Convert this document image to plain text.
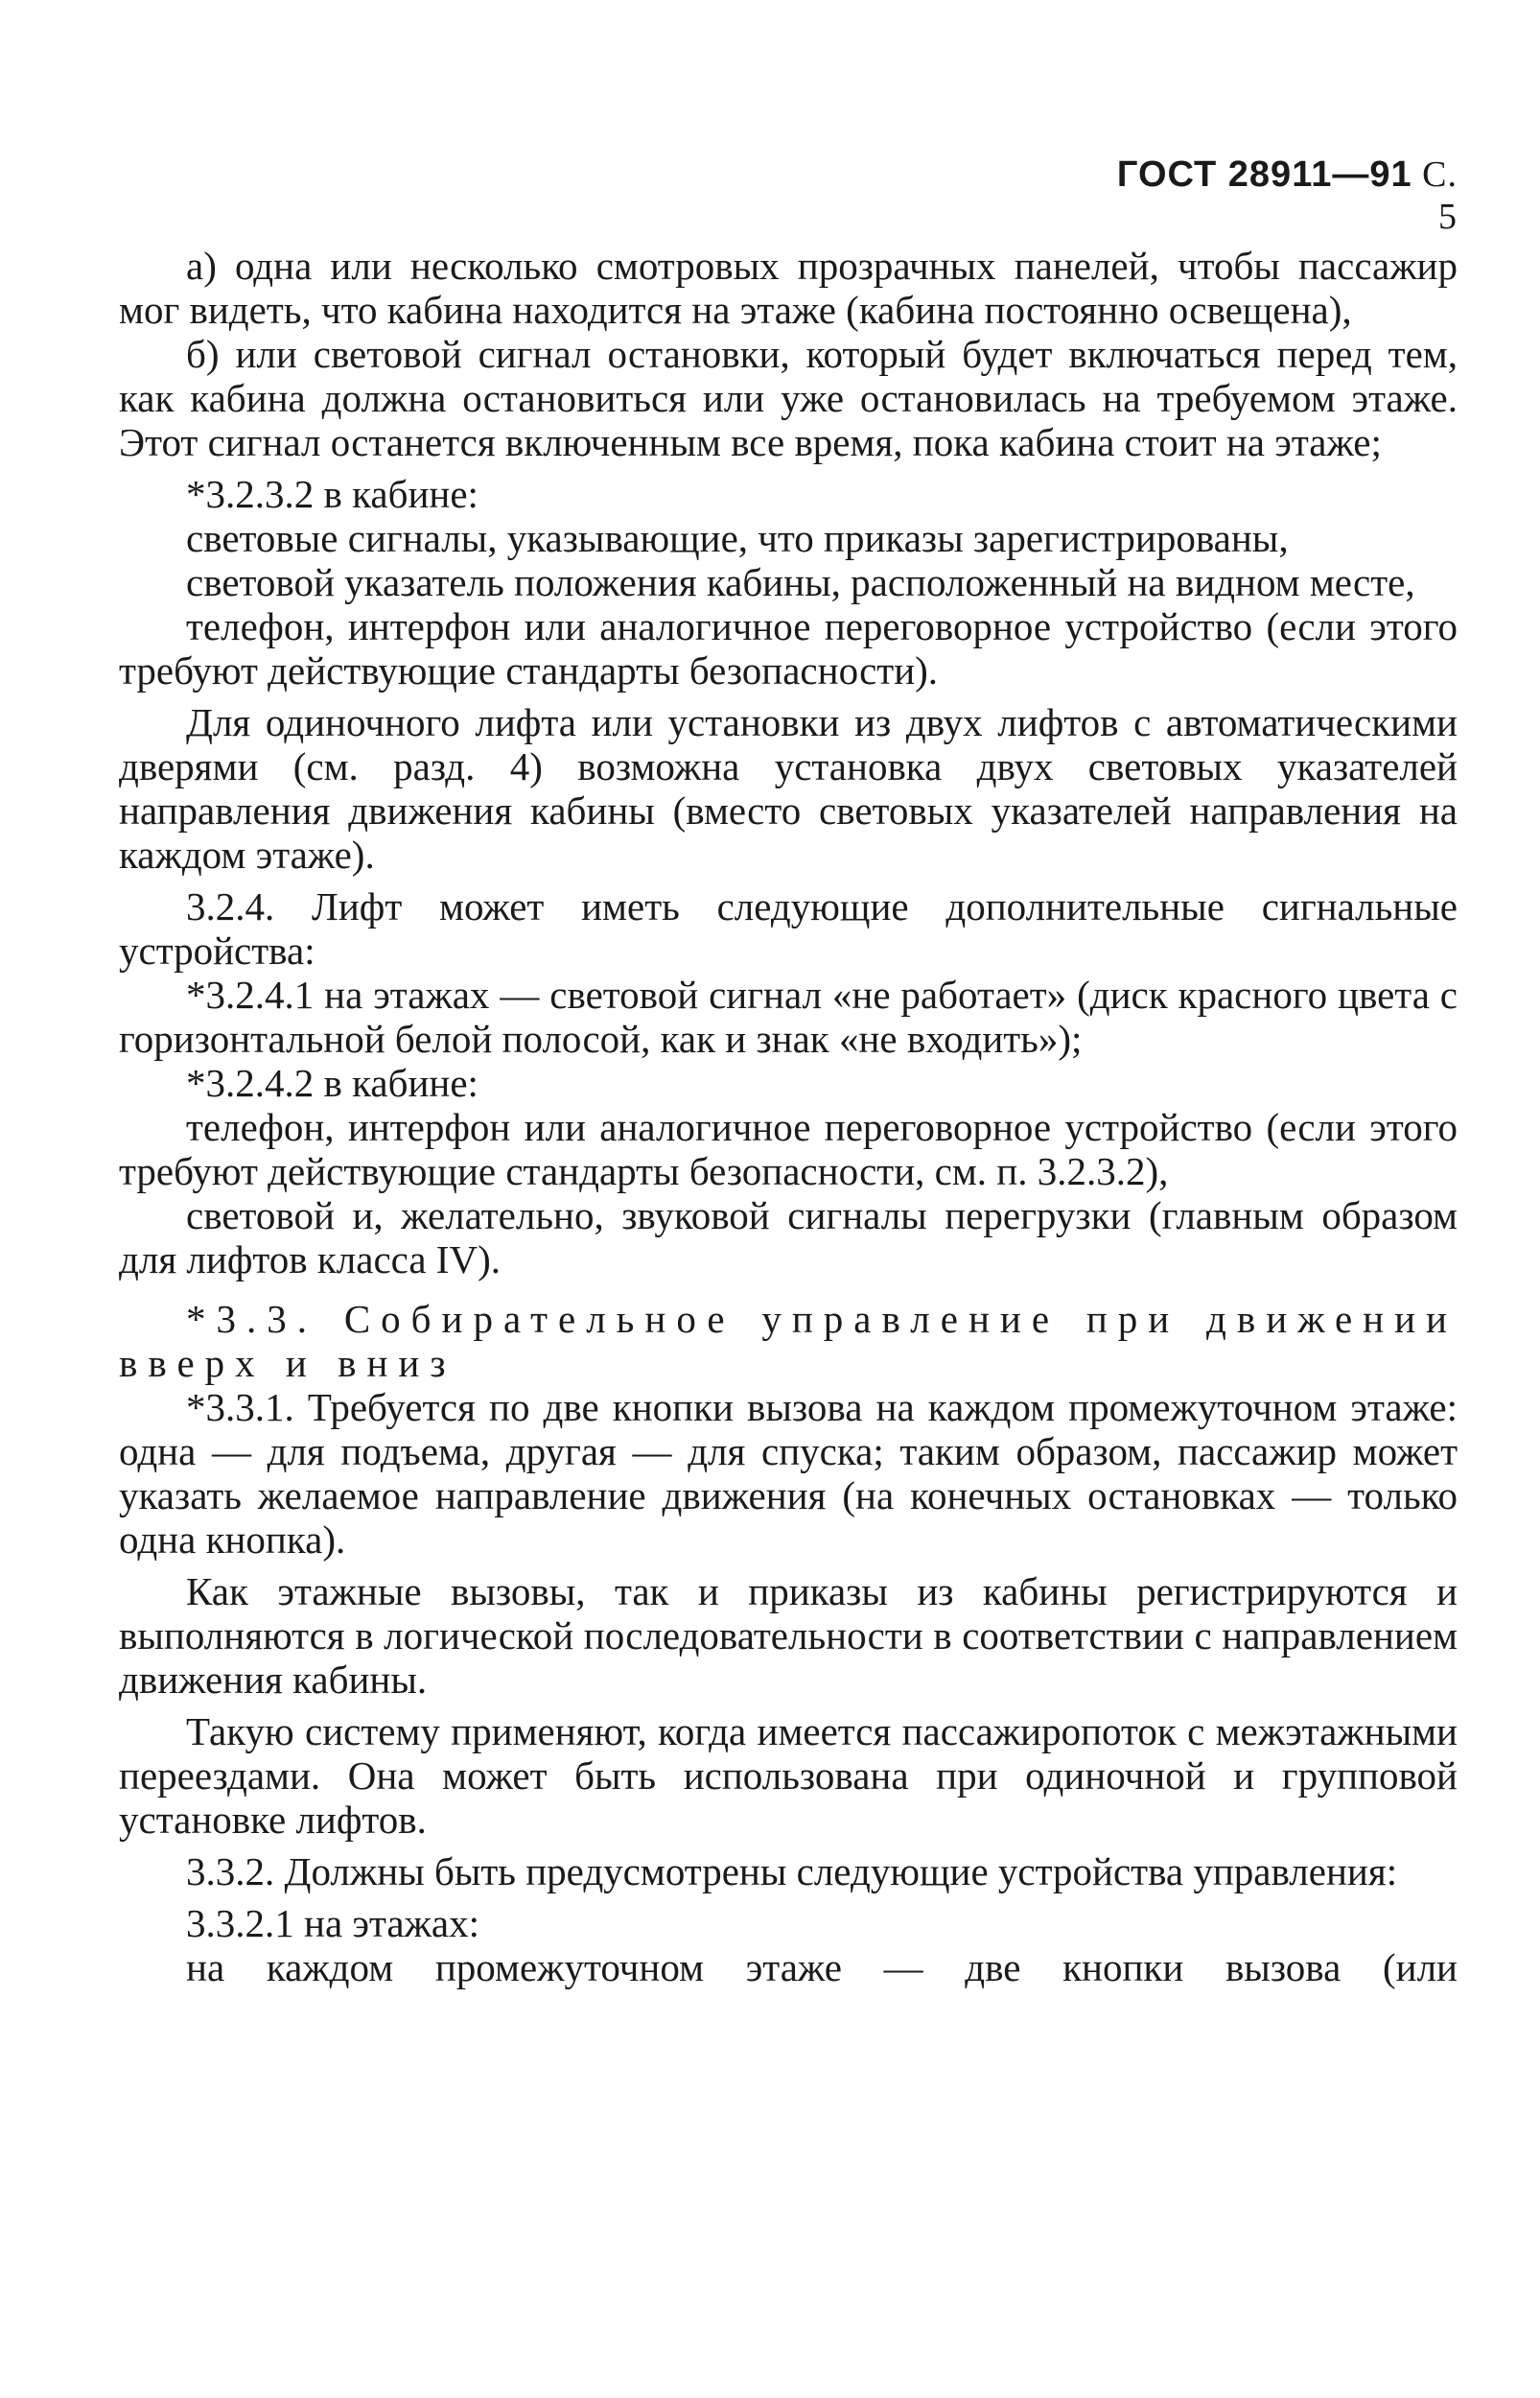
ГОСТ 28911—91 С. 5

а) одна или несколько смотровых прозрачных панелей, чтобы пассажир мог видеть, что кабина находится на этаже (кабина постоянно освещена),

б) или световой сигнал остановки, который будет включаться перед тем, как кабина должна остановиться или уже остановилась на требуемом этаже. Этот сигнал останется включенным все время, пока кабина стоит на этаже;

*3.2.3.2 в кабине:

световые сигналы, указывающие, что приказы зарегистрированы,

световой указатель положения кабины, расположенный на видном месте,

телефон, интерфон или аналогичное переговорное устройство (если этого требуют действующие стандарты безопасности).

Для одиночного лифта или установки из двух лифтов с автоматическими дверями (см. разд. 4) возможна установка двух световых указателей направления движения кабины (вместо световых указателей направления на каждом этаже).

3.2.4. Лифт может иметь следующие дополнительные сигнальные устройства:

*3.2.4.1 на этажах — световой сигнал «не работает» (диск красного цвета с горизонтальной белой полосой, как и знак «не входить»);

*3.2.4.2 в кабине:

телефон, интерфон или аналогичное переговорное устройство (если этого требуют действующие стандарты безопасности, см. п. 3.2.3.2),

световой и, желательно, звуковой сигналы перегрузки (главным образом для лифтов класса IV).

*3.3. Собирательное управление при движении вверх и вниз

*3.3.1. Требуется по две кнопки вызова на каждом промежуточном этаже: одна — для подъема, другая — для спуска; таким образом, пассажир может указать желаемое направление движения (на конечных остановках — только одна кнопка).

Как этажные вызовы, так и приказы из кабины регистрируются и выполняются в логической последовательности в соответствии с направлением движения кабины.

Такую систему применяют, когда имеется пассажиропоток с межэтажными переездами. Она может быть использована при одиночной и групповой установке лифтов.

3.3.2. Должны быть предусмотрены следующие устройства управления:

3.3.2.1 на этажах:

на каждом промежуточном этаже — две кнопки вызова (или
